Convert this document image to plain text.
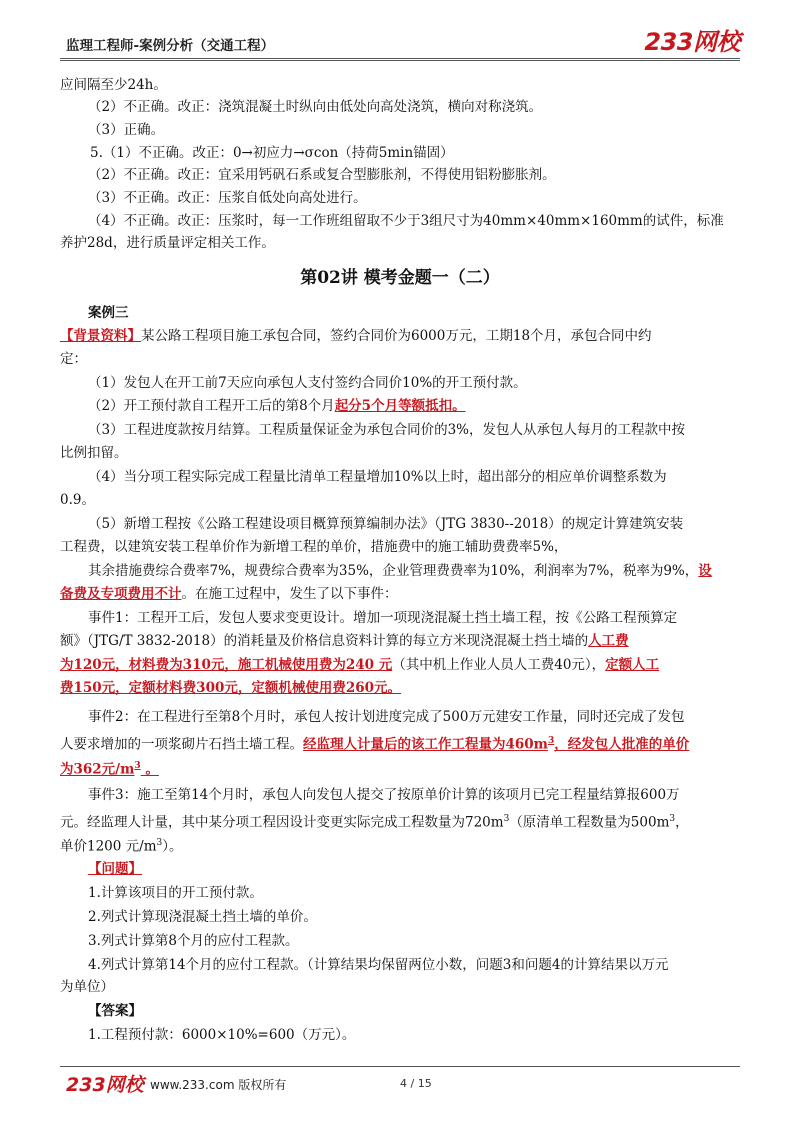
监理工程师-案例分析（交通工程）	233网校
应间隔至少24h。
（2）不正确。改正：浇筑混凝土时纵向由低处向高处浇筑，横向对称浇筑。
（3）正确。
5.（1）不正确。改正：0→初应力→σcon（持荷5min锚固）
（2）不正确。改正：宜采用钙矾石系或复合型膨胀剂，不得使用铝粉膨胀剂。
（3）不正确。改正：压浆自低处向高处进行。
（4）不正确。改正：压浆时，每一工作班组留取不少于3组尺寸为40mm×40mm×160mm的试件，标准
养护28d，进行质量评定相关工作。
第02讲 模考金题一（二）
案例三
【背景资料】某公路工程项目施工承包合同，签约合同价为6000万元，工期18个月，承包合同中约
定：
（1）发包人在开工前7天应向承包人支付签约合同价10%的开工预付款。
（2）开工预付款自工程开工后的第8个月起分5个月等额抵扣。
（3）工程进度款按月结算。工程质量保证金为承包合同价的3%，发包人从承包人每月的工程款中按
比例扣留。
（4）当分项工程实际完成工程量比清单工程量增加10%以上时，超出部分的相应单价调整系数为
0.9。
（5）新增工程按《公路工程建设项目概算预算编制办法》（JTG 3830--2018）的规定计算建筑安装
工程费，以建筑安装工程单价作为新增工程的单价，措施费中的施工辅助费费率5%，
其余措施费综合费率7%，规费综合费率为35%，企业管理费费率为10%，利润率为7%，税率为9%，设
备费及专项费用不计。在施工过程中，发生了以下事件：
事件1：工程开工后，发包人要求变更设计。增加一项现浇混凝土挡土墙工程，按《公路工程预算定
额》（JTG/T 3832-2018）的消耗量及价格信息资料计算的每立方米现浇混凝土挡土墙的人工费
为120元，材料费为310元，施工机械使用费为240 元（其中机上作业人员人工费40元），定额人工
费150元，定额材料费300元，定额机械使用费260元。
事件2：在工程进行至第8个月时，承包人按计划进度完成了500万元建安工作量，同时还完成了发包
人要求增加的一项浆砌片石挡土墙工程。经监理人计量后的该工作工程量为$460m^3$，经发包人批准的单价
为362元$/m^3$ 。
事件3：施工至第14个月时，承包人向发包人提交了按原单价计算的该项月已完工程量结算报600万
元。经监理人计量，其中某分项工程因设计变更实际完成工程数量为$720m^3$（原清单工程数量为$500m^3$，
单价1200 元$/m^3$）。
【问题】
1.计算该项目的开工预付款。
2.列式计算现浇混凝土挡土墙的单价。
3.列式计算第8个月的应付工程款。
4.列式计算第14个月的应付工程款。（计算结果均保留两位小数，问题3和问题4的计算结果以万元
为单位）
【答案】
1.工程预付款：6000×10%=600（万元）。
233网校 www.233.com 版权所有	4 / 15
